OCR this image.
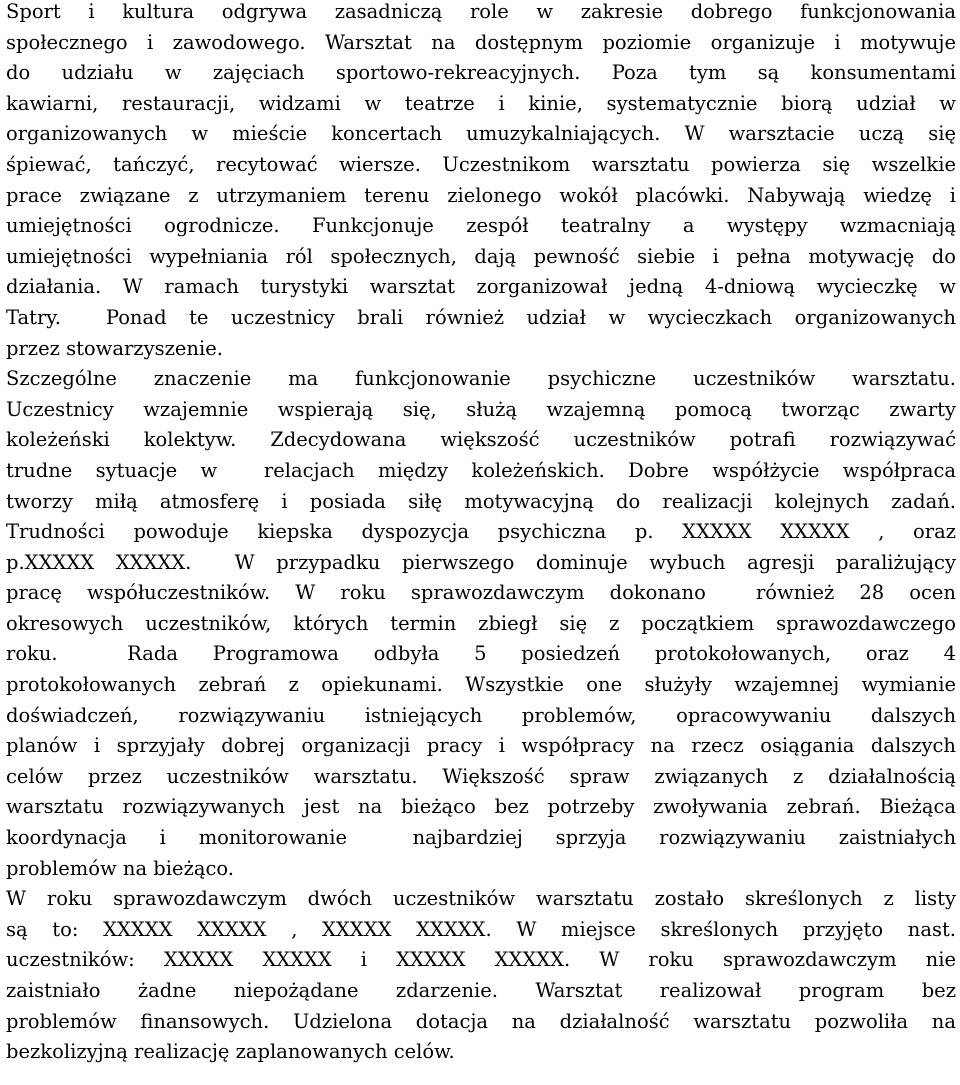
Sport i kultura odgrywa zasadniczą role w zakresie dobrego funkcjonowania
społecznego i zawodowego. Warsztat na dostępnym poziomie organizuje i motywuje
do udziału w zajęciach sportowo-rekreacyjnych. Poza tym są konsumentami
kawiarni, restauracji, widzami w teatrze i kinie, systematycznie biorą udział w
organizowanych w mieście koncertach umuzykalniających. W warsztacie uczą się
śpiewać, tańczyć, recytować wiersze. Uczestnikom warsztatu powierza się wszelkie
prace związane z utrzymaniem terenu zielonego wokół placówki. Nabywają wiedzę i
umiejętności ogrodnicze. Funkcjonuje zespół teatralny a występy wzmacniają
umiejętności wypełniania ról społecznych, dają pewność siebie i pełna motywację do
działania. W ramach turystyki warsztat zorganizował jedną 4-dniową wycieczkę w
Tatry.  Ponad te uczestnicy brali również udział w wycieczkach organizowanych
przez stowarzyszenie.
Szczególne znaczenie ma funkcjonowanie psychiczne uczestników warsztatu.
Uczestnicy wzajemnie wspierają się, służą wzajemną pomocą tworząc zwarty
koleżeński kolektyw. Zdecydowana większość uczestników potrafi rozwiązywać
trudne sytuacje w  relacjach między koleżeńskich. Dobre współżycie współpraca
tworzy miłą atmosferę i posiada siłę motywacyjną do realizacji kolejnych zadań.
Trudności powoduje kiepska dyspozycja psychiczna p. XXXXX XXXXX , oraz
p.XXXXX XXXXX.  W przypadku pierwszego dominuje wybuch agresji paraliżujący
pracę współuczestników. W roku sprawozdawczym dokonano  również 28 ocen
okresowych uczestników, których termin zbiegł się z początkiem sprawozdawczego
roku.  Rada Programowa odbyła 5 posiedzeń protokołowanych, oraz 4
protokołowanych zebrań z opiekunami. Wszystkie one służyły wzajemnej wymianie
doświadczeń, rozwiązywaniu istniejących problemów, opracowywaniu dalszych
planów i sprzyjały dobrej organizacji pracy i współpracy na rzecz osiągania dalszych
celów przez uczestników warsztatu. Większość spraw związanych z działalnością
warsztatu rozwiązywanych jest na bieżąco bez potrzeby zwoływania zebrań. Bieżąca
koordynacja i monitorowanie  najbardziej sprzyja rozwiązywaniu zaistniałych
problemów na bieżąco.
W roku sprawozdawczym dwóch uczestników warsztatu zostało skreślonych z listy
są to: XXXXX XXXXX , XXXXX XXXXX. W miejsce skreślonych przyjęto nast.
uczestników: XXXXX XXXXX i XXXXX XXXXX. W roku sprawozdawczym nie
zaistniało żadne niepożądane zdarzenie. Warsztat realizował program bez
problemów finansowych. Udzielona dotacja na działalność warsztatu pozwoliła na
bezkolizyjną realizację zaplanowanych celów.
